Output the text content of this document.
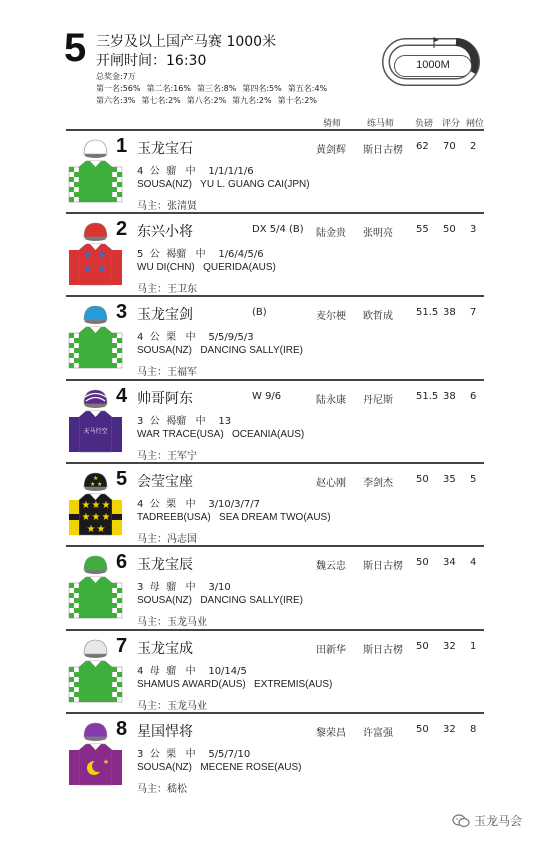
5 三岁及以上国产马赛 1000米
开闸时间：16:30
总奖金:7万
第一名:56% 第二名:16% 第三名:8% 第四名:5% 第五名:4%
第六名:3% 第七名:2% 第八名:2% 第九名:2% 第十名:2%
1000M
骑师	练马师 负磅 评分 闸位
1 玉龙宝石	黄剑辉 斯日古楞 62 70 2
4  公  骝   中    1/1/1/1/6
SOUSA(NZ)   YU L. GUANG CAI(JPN)
马主：张清贤
★ ★
★ ★
2 东兴小将	DX 5/4 (B) 陆金贵 张明亮 55 50 3
5  公  褐骝   中    1/6/4/5/6
WU DI(CHN)   QUERIDA(AUS)
马主：王卫东
3 玉龙宝剑	(B)	麦尔梗 欧哲成 51.5 38 7
4  公  栗   中    5/5/9/5/3
SOUSA(NZ)   DANCING SALLY(IRE)
马主：王福军
天马行空
4 帅哥阿东	W 9/6	陆永康 丹尼斯 51.5 38 6
3  公  褐骝   中    13
WAR TRACE(USA)   OCEANIA(AUS)
马主：王军宁
★ ★
★
★ ★ ★
★ ★ ★
★ ★
5 会莹宝座	赵心刚 李剑杰 50 35 5
4  公  栗   中    3/10/3/7/7
TADREEB(USA)   SEA DREAM TWO(AUS)
马主：冯志国
6 玉龙宝辰	魏云忠 斯日古楞 50 34 4
3  母  骝   中    3/10
SOUSA(NZ)   DANCING SALLY(IRE)
马主：玉龙马业
7 玉龙宝成	田新华 斯日古楞 50 32 1
4  母  骝   中    10/14/5
SHAMUS AWARD(AUS)   EXTREMIS(AUS)
马主：玉龙马业
★
8 星国悍将	黎荣昌 许富强 50 32 8
3  公  栗   中    5/5/7/10
SOUSA(NZ)   MECENE ROSE(AUS)
马主：嵇松
玉龙马会
